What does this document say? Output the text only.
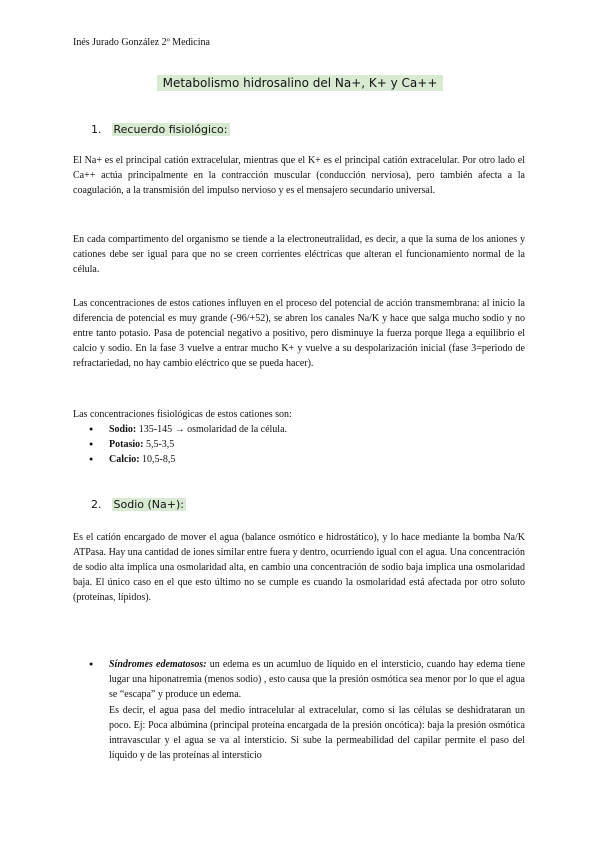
Inés Jurado González 2º Medicina
Metabolismo hidrosalino del Na+, K+ y Ca++
1. Recuerdo fisiológico:
El Na+ es el principal catión extracelular, mientras que el K+ es el principal catión extracelular. Por otro lado el Ca++ actúa principalmente en la contracción muscular (conducción nerviosa), pero también afecta a la coagulación, a la transmisión del impulso nervioso y es el mensajero secundario universal.
En cada compartimento del organismo se tiende a la electroneutralidad, es decir, a que la suma de los aniones y cationes debe ser igual para que no se creen corrientes eléctricas que alteran el funcionamiento normal de la célula.
Las concentraciones de estos cationes influyen en el proceso del potencial de acción transmembrana: al inicio la diferencia de potencial es muy grande (-96/+52), se abren los canales Na/K y hace que salga mucho sodio y no entre tanto potasio. Pasa de potencial negativo a positivo, pero disminuye la fuerza porque llega a equilibrio el calcio y sodio. En la fase 3 vuelve a entrar mucho K+ y vuelve a su despolarización inicial (fase 3=periodo de refractariedad, no hay cambio eléctrico que se pueda hacer).
Las concentraciones fisiológicas de estos cationes son:
● Sodio: 135-145 → osmolaridad de la célula.
● Potasio: 5,5-3,5
● Calcio: 10,5-8,5
2. Sodio (Na+):
Es el catión encargado de mover el agua (balance osmótico e hidrostático), y lo hace mediante la bomba Na/K ATPasa. Hay una cantidad de iones similar entre fuera y dentro, ocurriendo igual con el agua. Una concentración de sodio alta implica una osmolaridad alta, en cambio una concentración de sodio baja implica una osmolaridad baja. El único caso en el que esto último no se cumple es cuando la osmolaridad está afectada por otro soluto (proteínas, lípidos).
● Síndromes edematosos: un edema es un acumluo de líquido en el intersticio, cuando hay edema tiene lugar una hiponatremia (menos sodio) , esto causa que la presión osmótica sea menor por lo que el agua se “escapa” y produce un edema.
Es decir, el agua pasa del medio intracelular al extracelular, como si las células se deshidrataran un poco. Ej: Poca albúmina (principal proteína encargada de la presión oncótica): baja la presión osmótica intravascular y el agua se va al intersticio. Si sube la permeabilidad del capilar permite el paso del líquido y de las proteínas al intersticio
